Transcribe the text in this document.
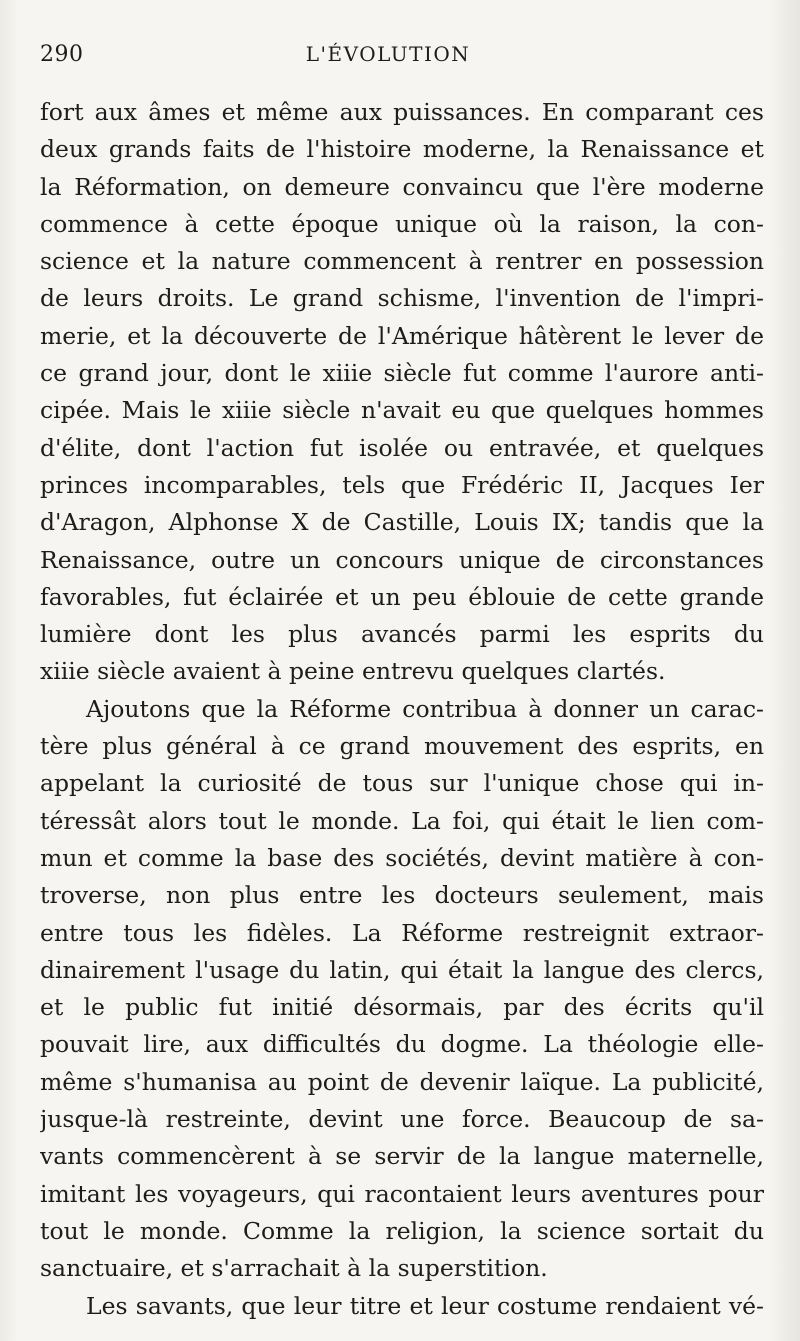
290	L'ÉVOLUTION
fort aux âmes et même aux puissances. En comparant ces
deux grands faits de l'histoire moderne, la Renaissance et
la Réformation, on demeure convaincu que l'ère moderne
commence à cette époque unique où la raison, la con-
science et la nature commencent à rentrer en possession
de leurs droits. Le grand schisme, l'invention de l'impri-
merie, et la découverte de l'Amérique hâtèrent le lever de
ce grand jour, dont le xiiie siècle fut comme l'aurore anti-
cipée. Mais le xiiie siècle n'avait eu que quelques hommes
d'élite, dont l'action fut isolée ou entravée, et quelques
princes incomparables, tels que Frédéric II, Jacques Ier
d'Aragon, Alphonse X de Castille, Louis IX; tandis que la
Renaissance, outre un concours unique de circonstances
favorables, fut éclairée et un peu éblouie de cette grande
lumière dont les plus avancés parmi les esprits du
xiiie siècle avaient à peine entrevu quelques clartés.
Ajoutons que la Réforme contribua à donner un carac-
tère plus général à ce grand mouvement des esprits, en
appelant la curiosité de tous sur l'unique chose qui in-
téressât alors tout le monde. La foi, qui était le lien com-
mun et comme la base des sociétés, devint matière à con-
troverse, non plus entre les docteurs seulement, mais
entre tous les fidèles. La Réforme restreignit extraor-
dinairement l'usage du latin, qui était la langue des clercs,
et le public fut initié désormais, par des écrits qu'il
pouvait lire, aux difficultés du dogme. La théologie elle-
même s'humanisa au point de devenir laïque. La publicité,
jusque-là restreinte, devint une force. Beaucoup de sa-
vants commencèrent à se servir de la langue maternelle,
imitant les voyageurs, qui racontaient leurs aventures pour
tout le monde. Comme la religion, la science sortait du
sanctuaire, et s'arrachait à la superstition.
Les savants, que leur titre et leur costume rendaient vé-
